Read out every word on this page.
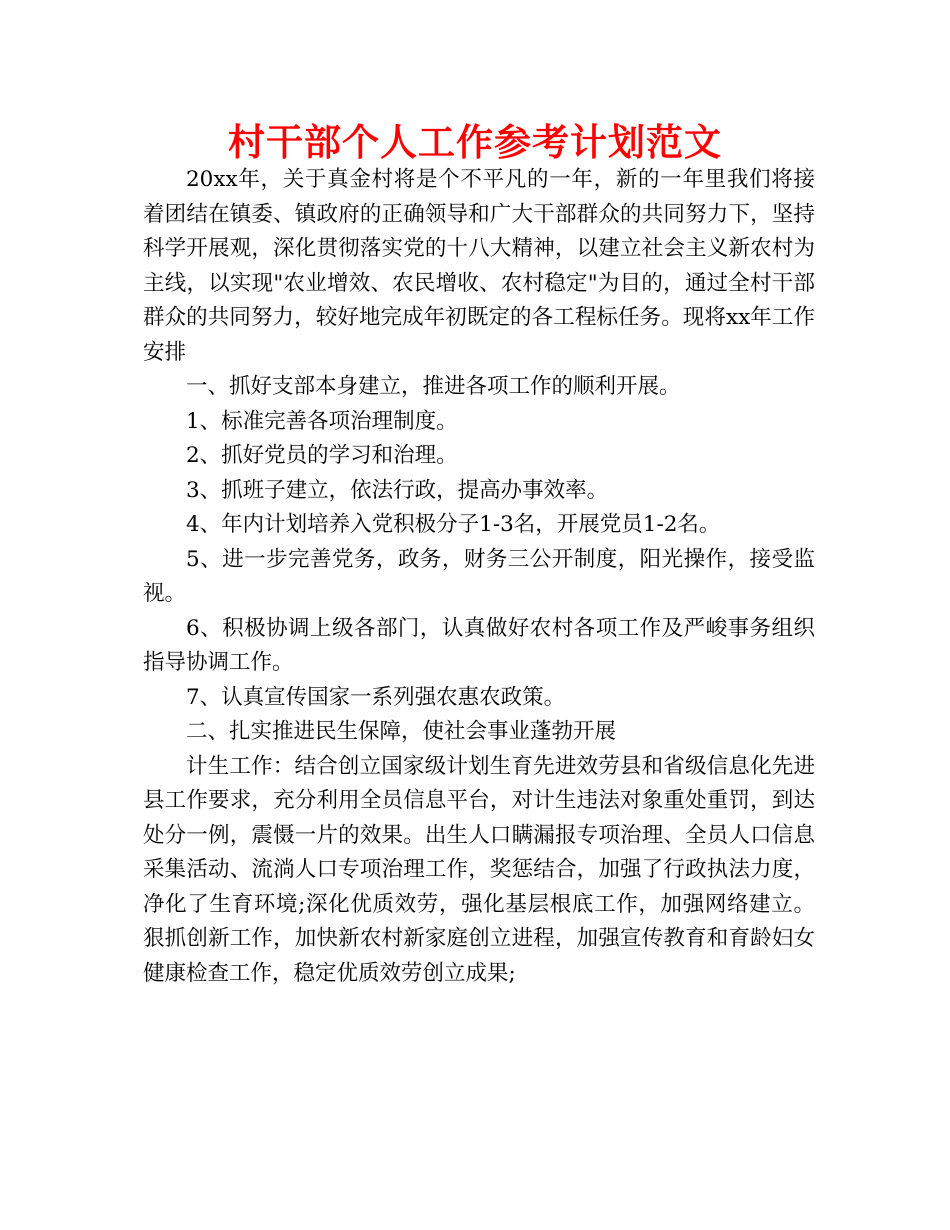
村干部个人工作参考计划范文

20xx年，关于真金村将是个不平凡的一年，新的一年里我们将接着团结在镇委、镇政府的正确领导和广大干部群众的共同努力下，坚持科学开展观，深化贯彻落实党的十八大精神，以建立社会主义新农村为主线，以实现"农业增效、农民增收、农村稳定"为目的，通过全村干部群众的共同努力，较好地完成年初既定的各工程标任务。现将xx年工作安排

一、抓好支部本身建立，推进各项工作的顺利开展。

1、标准完善各项治理制度。

2、抓好党员的学习和治理。

3、抓班子建立，依法行政，提高办事效率。

4、年内计划培养入党积极分子1-3名，开展党员1-2名。

5、进一步完善党务，政务，财务三公开制度，阳光操作，接受监视。

6、积极协调上级各部门，认真做好农村各项工作及严峻事务组织指导协调工作。

7、认真宣传国家一系列强农惠农政策。

二、扎实推进民生保障，使社会事业蓬勃开展

计生工作：结合创立国家级计划生育先进效劳县和省级信息化先进县工作要求，充分利用全员信息平台，对计生违法对象重处重罚，到达处分一例，震慑一片的效果。出生人口瞒漏报专项治理、全员人口信息采集活动、流淌人口专项治理工作，奖惩结合，加强了行政执法力度，净化了生育环境;深化优质效劳，强化基层根底工作，加强网络建立。狠抓创新工作，加快新农村新家庭创立进程，加强宣传教育和育龄妇女健康检查工作，稳定优质效劳创立成果;
